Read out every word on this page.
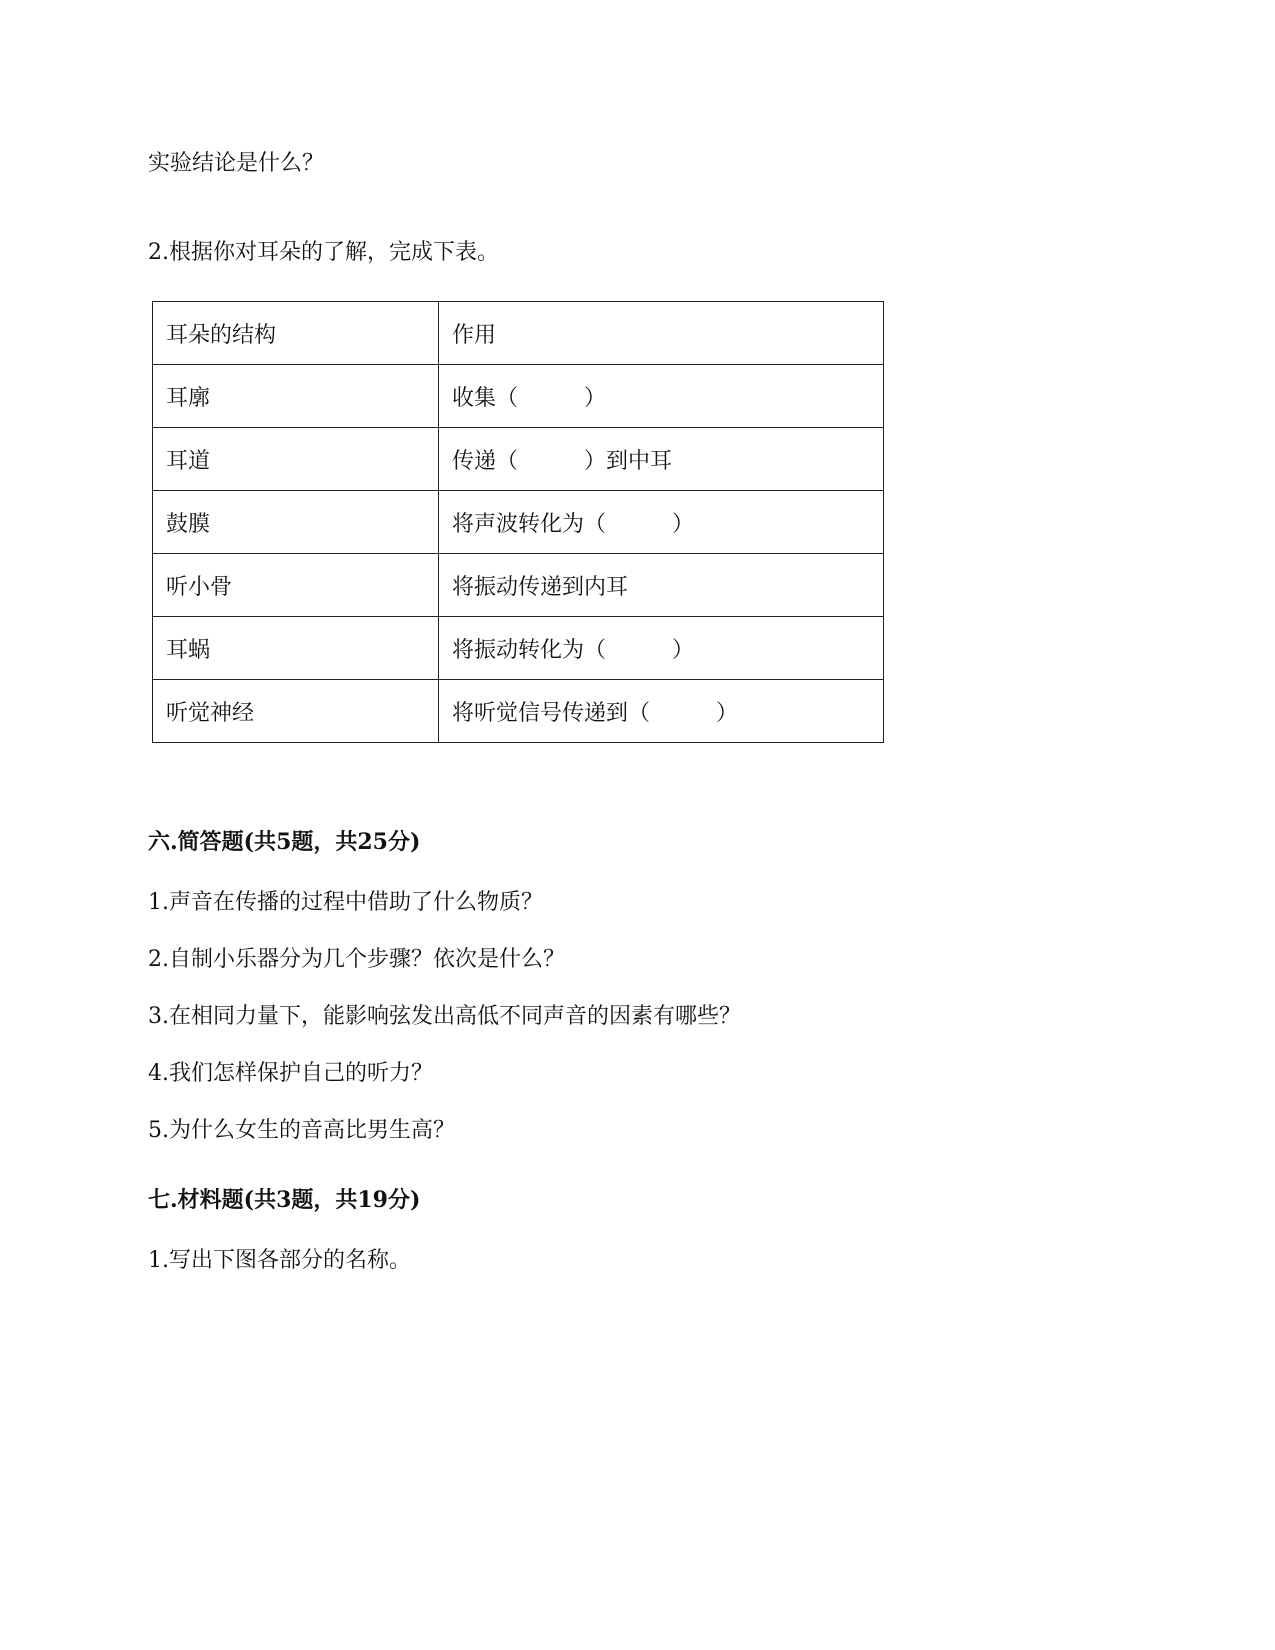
实验结论是什么？
2.根据你对耳朵的了解，完成下表。
耳朵的结构	作用
耳廓	收集（　　　）
耳道	传递（　　　）到中耳
鼓膜	将声波转化为（　　　）
听小骨	将振动传递到内耳
耳蜗	将振动转化为（　　　）
听觉神经	将听觉信号传递到（　　　）
六.简答题(共5题，共25分)
1.声音在传播的过程中借助了什么物质？
2.自制小乐器分为几个步骤？依次是什么？
3.在相同力量下，能影响弦发出高低不同声音的因素有哪些？
4.我们怎样保护自己的听力？
5.为什么女生的音高比男生高？
七.材料题(共3题，共19分)
1.写出下图各部分的名称。
